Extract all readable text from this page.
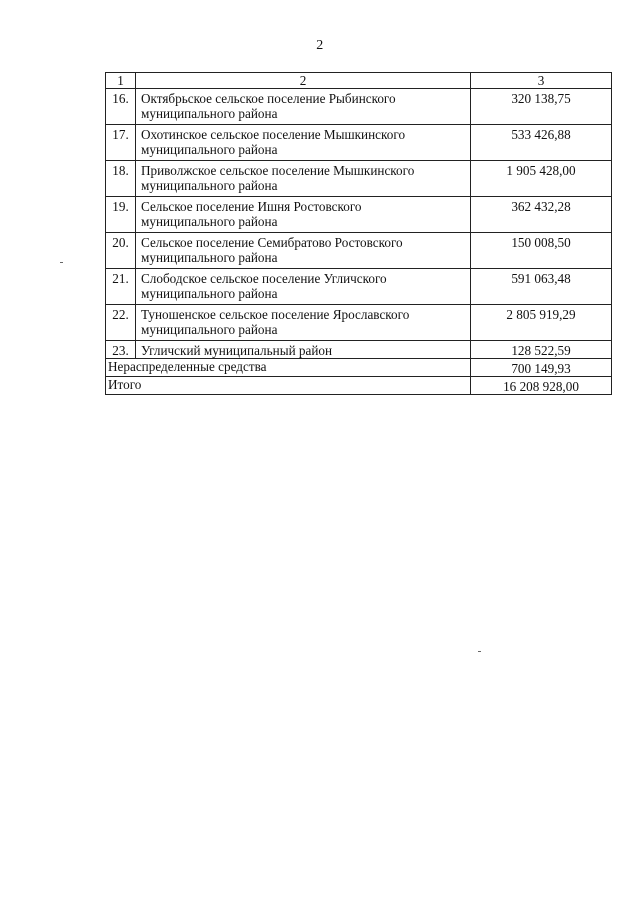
2
1	2	3
16.	Октябрьское сельское поселение Рыбинского
муниципального района	320 138,75
17.	Охотинское сельское поселение Мышкинского
муниципального района	533 426,88
18.	Приволжское сельское поселение Мышкинского
муниципального района	1 905 428,00
19.	Сельское поселение Ишня Ростовского
муниципального района	362 432,28
20.	Сельское поселение Семибратово Ростовского
муниципального района	150 008,50
21.	Слободское сельское поселение Угличского
муниципального района	591 063,48
22.	Туношенское сельское поселение Ярославского
муниципального района	2 805 919,29
23.	Угличский муниципальный район	128 522,59
Нераспределенные средства		700 149,93
Итого		16 208 928,00
